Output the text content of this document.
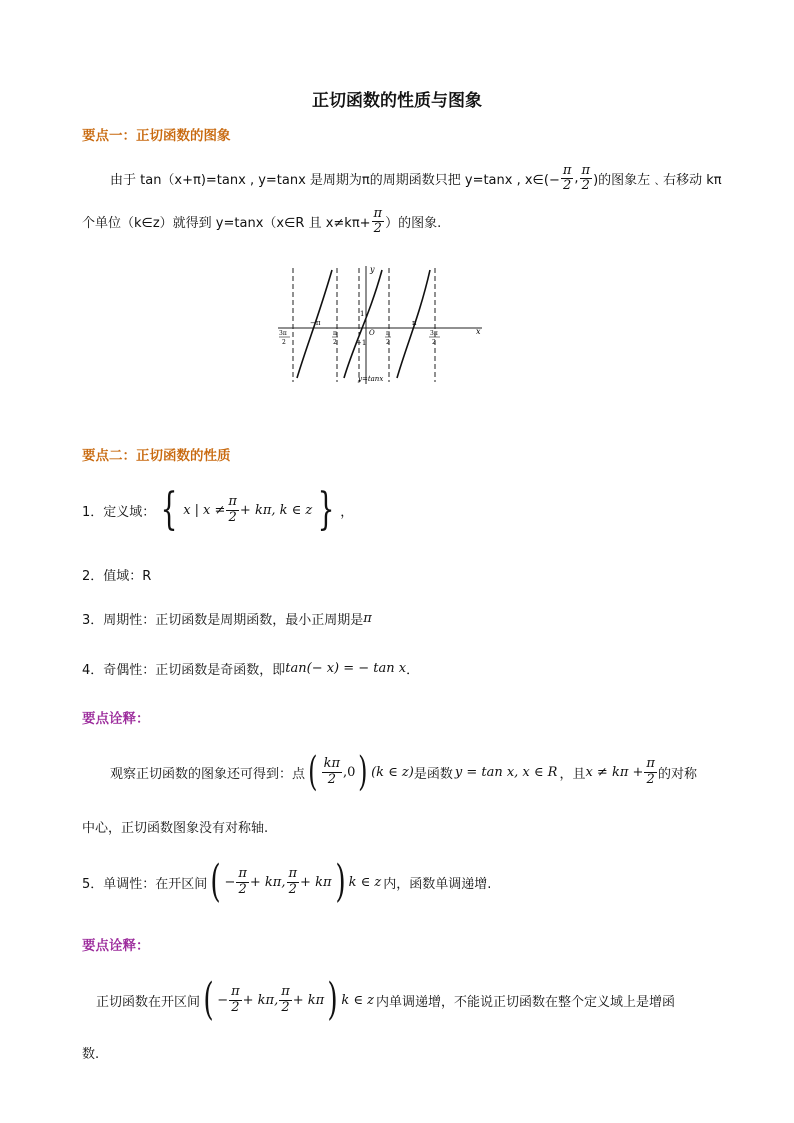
正切函数的性质与图象
要点一：正切函数的图象
由于 tan（x+π)=tanx , y=tanx 是周期为π的周期函数只把 y=tanx , x∈(− $\frac{\pi}{2}$ , $\frac{\pi}{2}$ )的图象左﹑右移动 kπ
个单位（k∈z）就得到 y=tanx（x∈R 且 $x\ne k\pi+ \frac{\pi}{2}$ ）的图象.
y
x
O
1
−1
−π	π
3π
2
π
2
π
2
3π
2
y=tanx
要点二：正切函数的性质
1．定义域： { x | $x \ne \frac{\pi}{2} + k\pi$, k ∈ z } ，
2．值域：R
3．周期性：正切函数是周期函数，最小正周期是 π
4．奇偶性：正切函数是奇函数，即 tan(− x) = − tan x ．
要点诠释：
观察正切函数的图象还可得到：点 ( $\frac{k\pi}{2} ,0$ ) (k ∈ z) 是函数 y = tan x, x ∈ R ，且 $x \ne k\pi + \frac{\pi}{2}$ 的对称
中心，正切函数图象没有对称轴.
5．单调性：在开区间 ( − $\frac{\pi}{2} + k\pi$, $\frac{\pi}{2} + k\pi$ ) k ∈ z 内，函数单调递增.
要点诠释：
正切函数在开区间 ( − $\frac{\pi}{2} + k\pi$, $\frac{\pi}{2} + k\pi$ ) k ∈ z 内单调递增，不能说正切函数在整个定义域上是增函
数.
